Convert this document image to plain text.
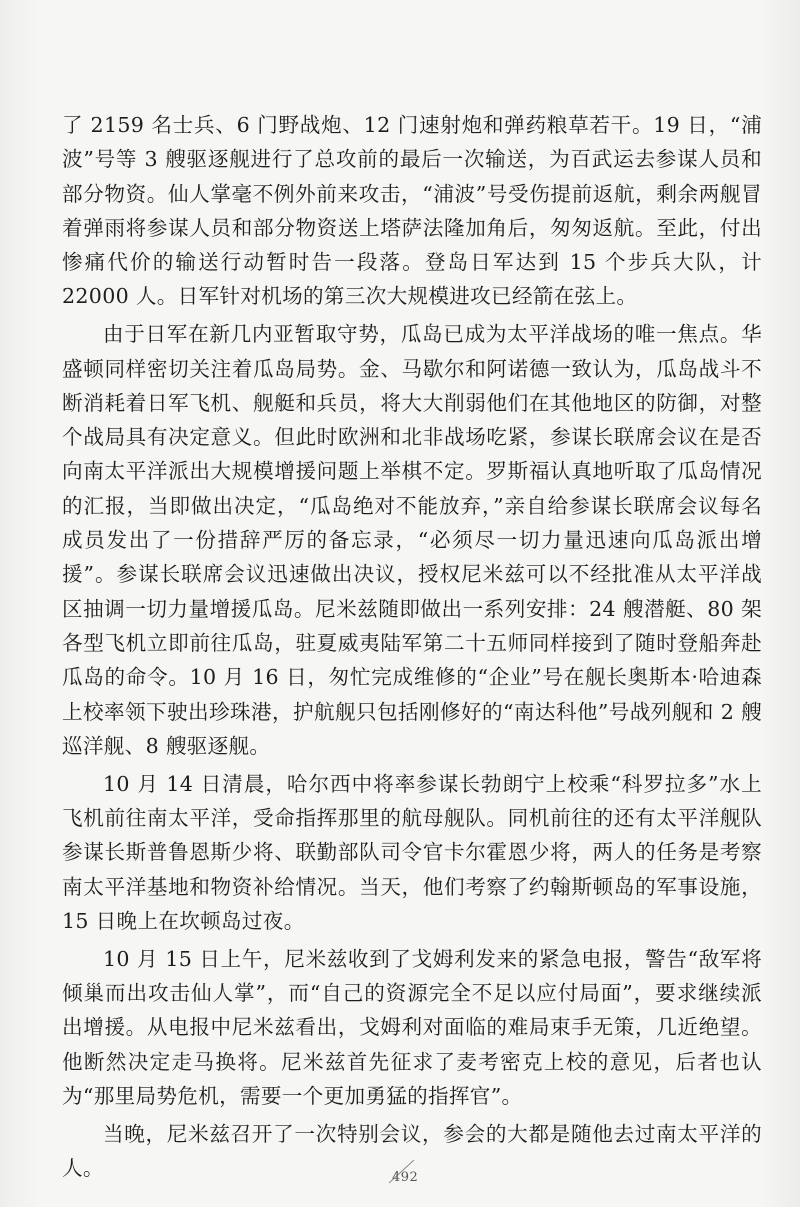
了 2159 名士兵、6 门野战炮、12 门速射炮和弹药粮草若干。19 日，“浦波”号等 3 艘驱逐舰进行了总攻前的最后一次输送，为百武运去参谋人员和部分物资。仙人掌毫不例外前来攻击，“浦波”号受伤提前返航，剩余两舰冒着弹雨将参谋人员和部分物资送上塔萨法隆加角后，匆匆返航。至此，付出惨痛代价的输送行动暂时告一段落。登岛日军达到 15 个步兵大队，计 22000 人。日军针对机场的第三次大规模进攻已经箭在弦上。

由于日军在新几内亚暂取守势，瓜岛已成为太平洋战场的唯一焦点。华盛顿同样密切关注着瓜岛局势。金、马歇尔和阿诺德一致认为，瓜岛战斗不断消耗着日军飞机、舰艇和兵员，将大大削弱他们在其他地区的防御，对整个战局具有决定意义。但此时欧洲和北非战场吃紧，参谋长联席会议在是否向南太平洋派出大规模增援问题上举棋不定。罗斯福认真地听取了瓜岛情况的汇报，当即做出决定，“瓜岛绝对不能放弃，”亲自给参谋长联席会议每名成员发出了一份措辞严厉的备忘录，“必须尽一切力量迅速向瓜岛派出增援”。参谋长联席会议迅速做出决议，授权尼米兹可以不经批准从太平洋战区抽调一切力量增援瓜岛。尼米兹随即做出一系列安排：24 艘潜艇、80 架各型飞机立即前往瓜岛，驻夏威夷陆军第二十五师同样接到了随时登船奔赴瓜岛的命令。10 月 16 日，匆忙完成维修的“企业”号在舰长奥斯本·哈迪森上校率领下驶出珍珠港，护航舰只包括刚修好的“南达科他”号战列舰和 2 艘巡洋舰、8 艘驱逐舰。

10 月 14 日清晨，哈尔西中将率参谋长勃朗宁上校乘“科罗拉多”水上飞机前往南太平洋，受命指挥那里的航母舰队。同机前往的还有太平洋舰队参谋长斯普鲁恩斯少将、联勤部队司令官卡尔霍恩少将，两人的任务是考察南太平洋基地和物资补给情况。当天，他们考察了约翰斯顿岛的军事设施，15 日晚上在坎顿岛过夜。

10 月 15 日上午，尼米兹收到了戈姆利发来的紧急电报，警告“敌军将倾巢而出攻击仙人掌”，而“自己的资源完全不足以应付局面”，要求继续派出增援。从电报中尼米兹看出，戈姆利对面临的难局束手无策，几近绝望。他断然决定走马换将。尼米兹首先征求了麦考密克上校的意见，后者也认为“那里局势危机，需要一个更加勇猛的指挥官”。

当晚，尼米兹召开了一次特别会议，参会的大都是随他去过南太平洋的人。	492
